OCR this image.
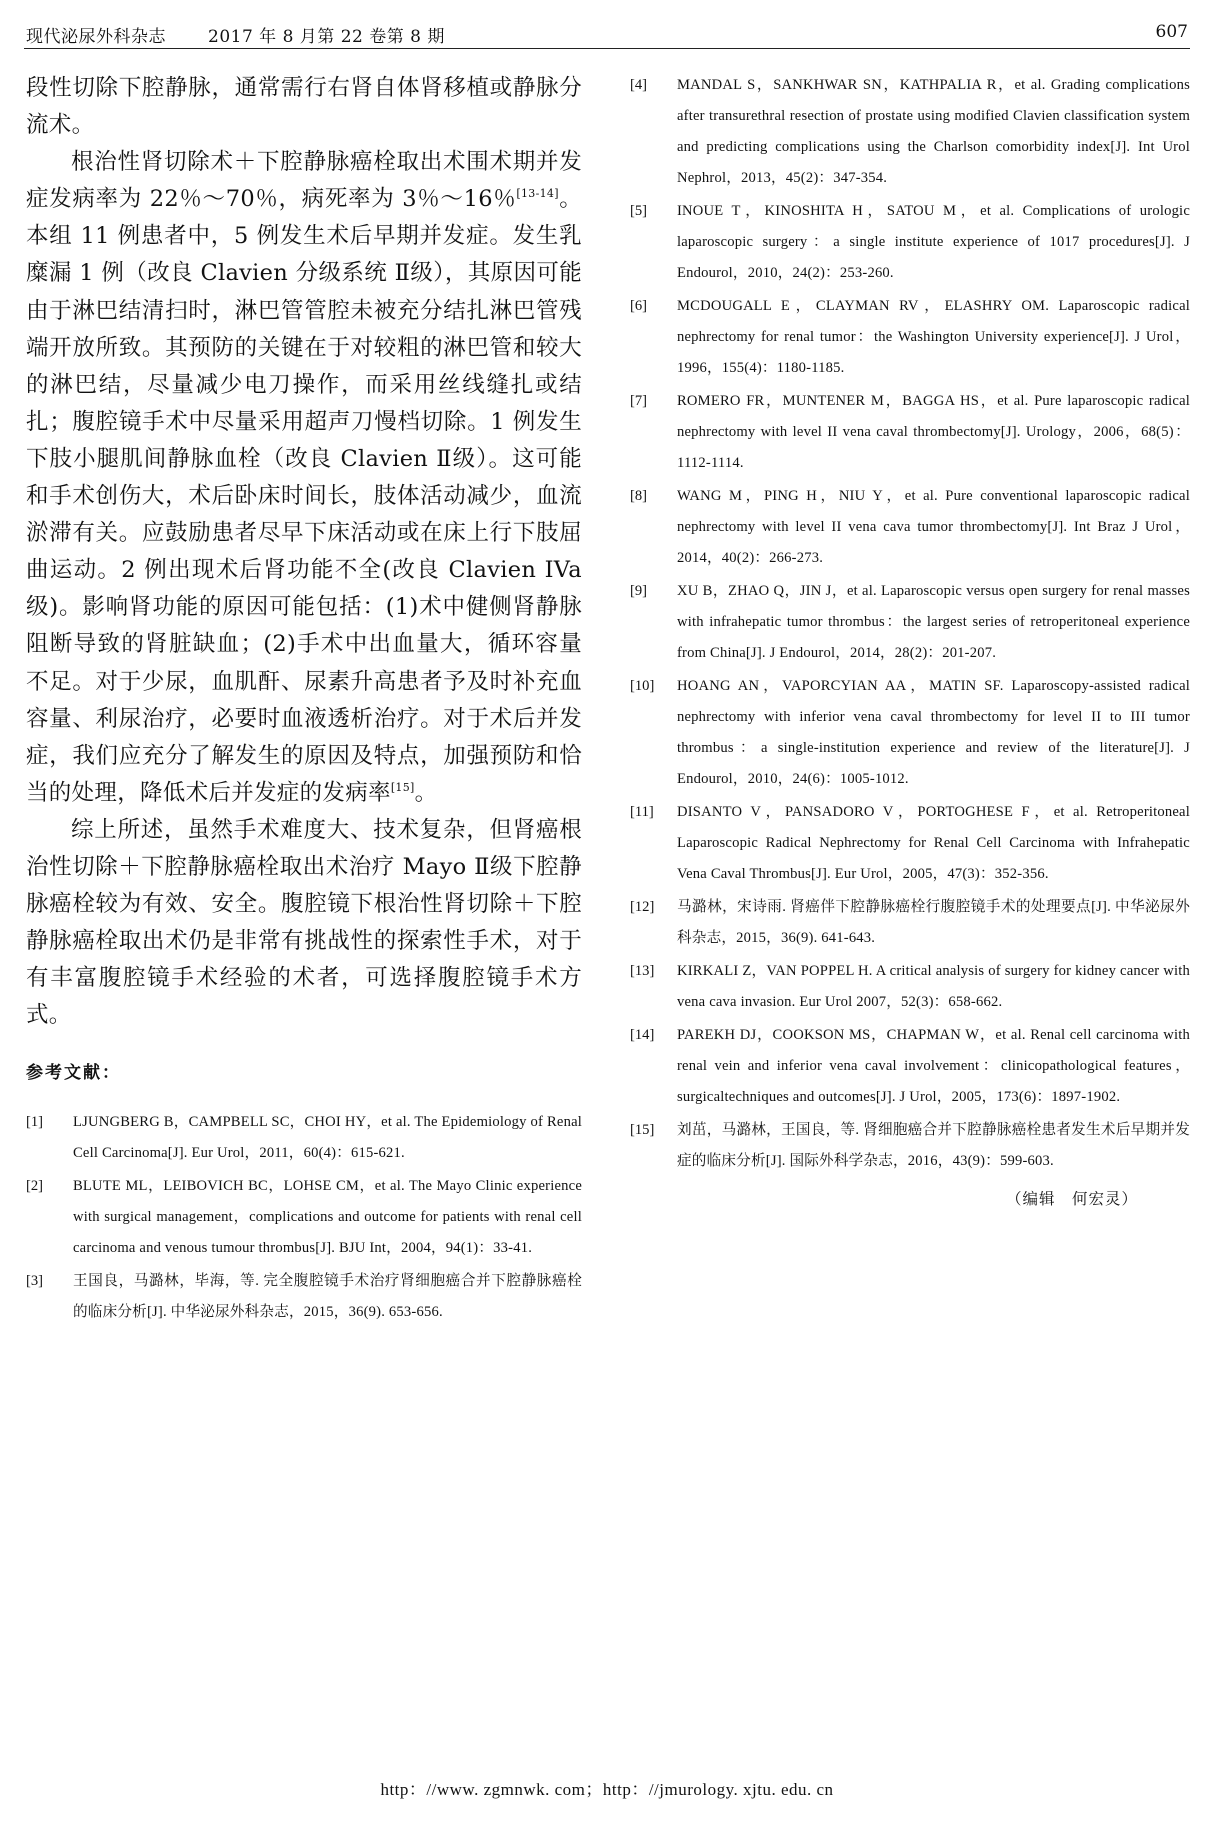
现代泌尿外科杂志 2017 年 8 月第 22 卷第 8 期	607

段性切除下腔静脉，通常需行右肾自体肾移植或静脉分流术。

根治性肾切除术＋下腔静脉癌栓取出术围术期并发症发病率为 22％～70％，病死率为 3％～16％[13-14]。本组 11 例患者中，5 例发生术后早期并发症。发生乳糜漏 1 例（改良 Clavien 分级系统 Ⅱ级），其原因可能由于淋巴结清扫时，淋巴管管腔未被充分结扎淋巴管残端开放所致。其预防的关键在于对较粗的淋巴管和较大的淋巴结，尽量减少电刀操作，而采用丝线缝扎或结扎；腹腔镜手术中尽量采用超声刀慢档切除。1 例发生下肢小腿肌间静脉血栓（改良 Clavien Ⅱ级）。这可能和手术创伤大，术后卧床时间长，肢体活动减少，血流淤滞有关。应鼓励患者尽早下床活动或在床上行下肢屈曲运动。2 例出现术后肾功能不全(改良 Clavien IVa 级)。影响肾功能的原因可能包括：(1)术中健侧肾静脉阻断导致的肾脏缺血；(2)手术中出血量大，循环容量不足。对于少尿，血肌酐、尿素升高患者予及时补充血容量、利尿治疗，必要时血液透析治疗。对于术后并发症，我们应充分了解发生的原因及特点，加强预防和恰当的处理，降低术后并发症的发病率[15]。

综上所述，虽然手术难度大、技术复杂，但肾癌根治性切除＋下腔静脉癌栓取出术治疗 Mayo Ⅱ级下腔静脉癌栓较为有效、安全。腹腔镜下根治性肾切除＋下腔静脉癌栓取出术仍是非常有挑战性的探索性手术，对于有丰富腹腔镜手术经验的术者，可选择腹腔镜手术方式。

参考文献：
[1]	LJUNGBERG B，CAMPBELL SC，CHOI HY，et al. The Epidemiology of Renal Cell Carcinoma[J]. Eur Urol，2011，60(4)：615-621.
[2]	BLUTE ML，LEIBOVICH BC，LOHSE CM，et al. The Mayo Clinic experience with surgical management，complications and outcome for patients with renal cell carcinoma and venous tumour thrombus[J]. BJU Int，2004，94(1)：33-41.
[3]	王国良，马潞林，毕海，等. 完全腹腔镜手术治疗肾细胞癌合并下腔静脉癌栓的临床分析[J]. 中华泌尿外科杂志，2015，36(9). 653-656.
[4]	MANDAL S，SANKHWAR SN，KATHPALIA R，et al. Grading complications after transurethral resection of prostate using modified Clavien classification system and predicting complications using the Charlson comorbidity index[J]. Int Urol Nephrol，2013，45(2)：347-354.
[5]	INOUE T，KINOSHITA H，SATOU M，et al. Complications of urologic laparoscopic surgery：a single institute experience of 1017 procedures[J]. J Endourol，2010，24(2)：253-260.
[6]	MCDOUGALL E，CLAYMAN RV，ELASHRY OM. Laparoscopic radical nephrectomy for renal tumor：the Washington University experience[J]. J Urol，1996，155(4)：1180-1185.
[7]	ROMERO FR，MUNTENER M，BAGGA HS，et al. Pure laparoscopic radical nephrectomy with level II vena caval thrombectomy[J]. Urology，2006，68(5)：1112-1114.
[8]	WANG M，PING H，NIU Y，et al. Pure conventional laparoscopic radical nephrectomy with level II vena cava tumor thrombectomy[J]. Int Braz J Urol，2014，40(2)：266-273.
[9]	XU B，ZHAO Q，JIN J，et al. Laparoscopic versus open surgery for renal masses with infrahepatic tumor thrombus：the largest series of retroperitoneal experience from China[J]. J Endourol，2014，28(2)：201-207.
[10]	HOANG AN，VAPORCYIAN AA，MATIN SF. Laparoscopy-assisted radical nephrectomy with inferior vena caval thrombectomy for level II to III tumor thrombus：a single-institution experience and review of the literature[J]. J Endourol，2010，24(6)：1005-1012.
[11]	DISANTO V，PANSADORO V，PORTOGHESE F，et al. Retroperitoneal Laparoscopic Radical Nephrectomy for Renal Cell Carcinoma with Infrahepatic Vena Caval Thrombus[J]. Eur Urol，2005，47(3)：352-356.
[12]	马潞林，宋诗雨. 肾癌伴下腔静脉癌栓行腹腔镜手术的处理要点[J]. 中华泌尿外科杂志，2015，36(9). 641-643.
[13]	KIRKALI Z，VAN POPPEL H. A critical analysis of surgery for kidney cancer with vena cava invasion. Eur Urol 2007，52(3)：658-662.
[14]	PAREKH DJ，COOKSON MS，CHAPMAN W，et al. Renal cell carcinoma with renal vein and inferior vena caval involvement：clinicopathological features，surgicaltechniques and outcomes[J]. J Urol，2005，173(6)：1897-1902.
[15]	刘茁，马潞林，王国良，等. 肾细胞癌合并下腔静脉癌栓患者发生术后早期并发症的临床分析[J]. 国际外科学杂志，2016，43(9)：599-603.
（编辑　何宏灵）
http：//www. zgmnwk. com；http：//jmurology. xjtu. edu. cn
